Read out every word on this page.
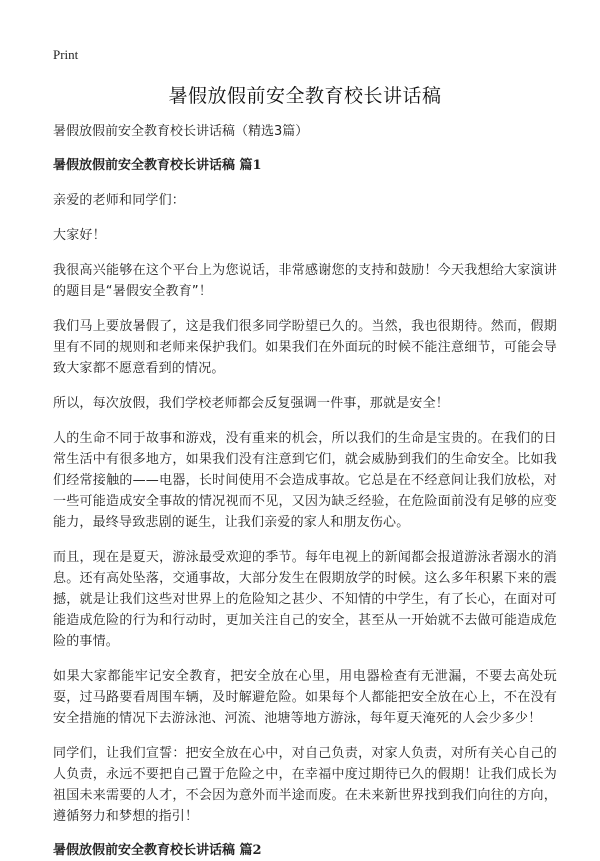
Print
暑假放假前安全教育校长讲话稿

暑假放假前安全教育校长讲话稿（精选3篇）

暑假放假前安全教育校长讲话稿 篇1

亲爱的老师和同学们：

大家好！

我很高兴能够在这个平台上为您说话，非常感谢您的支持和鼓励！今天我想给大家演讲的题目是“暑假安全教育”！

我们马上要放暑假了，这是我们很多同学盼望已久的。当然，我也很期待。然而，假期里有不同的规则和老师来保护我们。如果我们在外面玩的时候不能注意细节，可能会导致大家都不愿意看到的情况。

所以，每次放假，我们学校老师都会反复强调一件事，那就是安全！

人的生命不同于故事和游戏，没有重来的机会，所以我们的生命是宝贵的。在我们的日常生活中有很多地方，如果我们没有注意到它们，就会威胁到我们的生命安全。比如我们经常接触的——电器，长时间使用不会造成事故。它总是在不经意间让我们放松，对一些可能造成安全事故的情况视而不见，又因为缺乏经验，在危险面前没有足够的应变能力，最终导致悲剧的诞生，让我们亲爱的家人和朋友伤心。

而且，现在是夏天，游泳最受欢迎的季节。每年电视上的新闻都会报道游泳者溺水的消息。还有高处坠落，交通事故，大部分发生在假期放学的时候。这么多年积累下来的震撼，就是让我们这些对世界上的危险知之甚少、不知情的中学生，有了长心，在面对可能造成危险的行为和行动时，更加关注自己的安全，甚至从一开始就不去做可能造成危险的事情。

如果大家都能牢记安全教育，把安全放在心里，用电器检查有无泄漏，不要去高处玩耍，过马路要看周围车辆，及时解避危险。如果每个人都能把安全放在心上，不在没有安全措施的情况下去游泳池、河流、池塘等地方游泳，每年夏天淹死的人会少多少！

同学们，让我们宣誓：把安全放在心中，对自己负责，对家人负责，对所有关心自己的人负责，永远不要把自己置于危险之中，在幸福中度过期待已久的假期！让我们成长为祖国未来需要的人才，不会因为意外而半途而废。在未来新世界找到我们向往的方向，遵循努力和梦想的指引！

暑假放假前安全教育校长讲话稿 篇2
